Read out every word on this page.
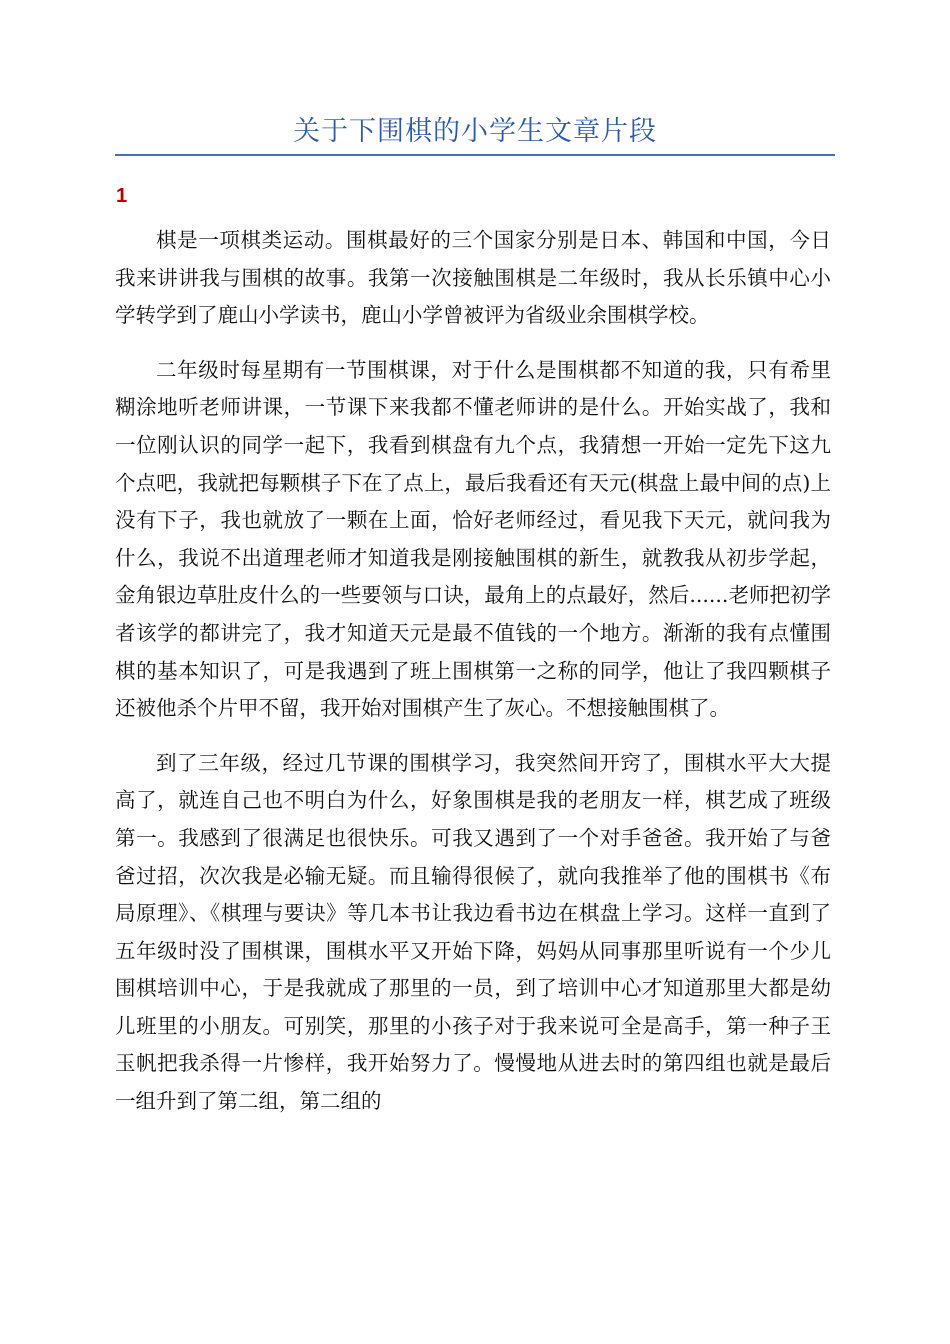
关于下围棋的小学生文章片段
1

棋是一项棋类运动。围棋最好的三个国家分别是日本、韩国和中国，今日我来讲讲我与围棋的故事。我第一次接触围棋是二年级时，我从长乐镇中心小学转学到了鹿山小学读书，鹿山小学曾被评为省级业余围棋学校。

二年级时每星期有一节围棋课，对于什么是围棋都不知道的我，只有希里糊涂地听老师讲课，一节课下来我都不懂老师讲的是什么。开始实战了，我和一位刚认识的同学一起下，我看到棋盘有九个点，我猜想一开始一定先下这九个点吧，我就把每颗棋子下在了点上，最后我看还有天元(棋盘上最中间的点)上没有下子，我也就放了一颗在上面，恰好老师经过，看见我下天元，就问我为什么，我说不出道理老师才知道我是刚接触围棋的新生，就教我从初步学起，金角银边草肚皮什么的一些要领与口诀，最角上的点最好，然后......老师把初学者该学的都讲完了，我才知道天元是最不值钱的一个地方。渐渐的我有点懂围棋的基本知识了，可是我遇到了班上围棋第一之称的同学，他让了我四颗棋子还被他杀个片甲不留，我开始对围棋产生了灰心。不想接触围棋了。

到了三年级，经过几节课的围棋学习，我突然间开窍了，围棋水平大大提高了，就连自己也不明白为什么，好象围棋是我的老朋友一样，棋艺成了班级第一。我感到了很满足也很快乐。可我又遇到了一个对手爸爸。我开始了与爸爸过招，次次我是必输无疑。而且输得很候了，就向我推举了他的围棋书《布局原理》、《棋理与要诀》等几本书让我边看书边在棋盘上学习。这样一直到了五年级时没了围棋课，围棋水平又开始下降，妈妈从同事那里听说有一个少儿围棋培训中心，于是我就成了那里的一员，到了培训中心才知道那里大都是幼儿班里的小朋友。可别笑，那里的小孩子对于我来说可全是高手，第一种子王玉帆把我杀得一片惨样，我开始努力了。慢慢地从进去时的第四组也就是最后一组升到了第二组，第二组的
